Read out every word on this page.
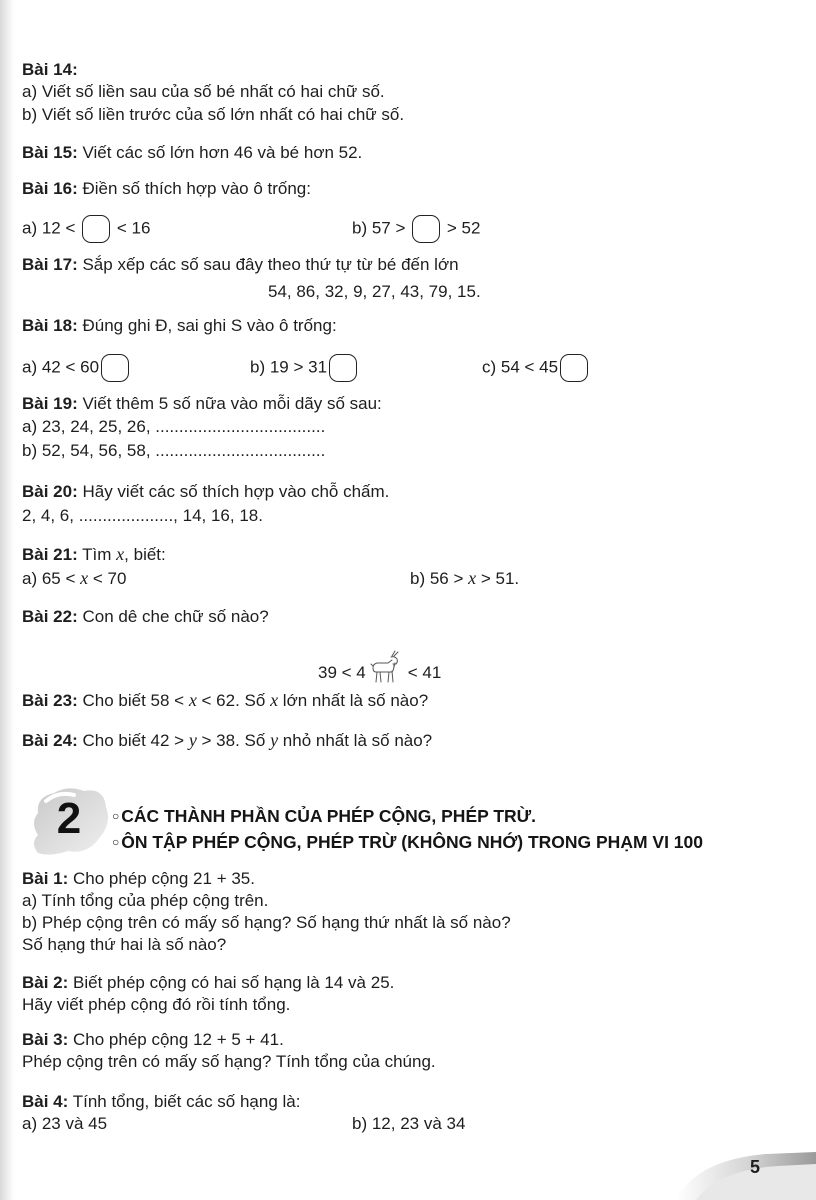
Bài 14:
a) Viết số liền sau của số bé nhất có hai chữ số.
b) Viết số liền trước của số lớn nhất có hai chữ số.
Bài 15: Viết các số lớn hơn 46 và bé hơn 52.
Bài 16: Điền số thích hợp vào ô trống:
a) 12 < < 16	b) 57 > > 52
Bài 17: Sắp xếp các số sau đây theo thứ tự từ bé đến lớn
54, 86, 32, 9, 27, 43, 79, 15.
Bài 18: Đúng ghi Đ, sai ghi S vào ô trống:
a) 42 < 60	b) 19 > 31	c) 54 < 45
Bài 19: Viết thêm 5 số nữa vào mỗi dãy số sau:
a) 23, 24, 25, 26, ....................................
b) 52, 54, 56, 58, ....................................
Bài 20: Hãy viết các số thích hợp vào chỗ chấm.
2, 4, 6, ...................., 14, 16, 18.
Bài 21: Tìm x, biết:
a) 65 < x < 70	b) 56 > x > 51.
Bài 22: Con dê che chữ số nào?
39 < 4 < 41
Bài 23: Cho biết 58 < x < 62. Số x lớn nhất là số nào?
Bài 24: Cho biết 42 > y > 38. Số y nhỏ nhất là số nào?
2	○ CÁC THÀNH PHẦN CỦA PHÉP CỘNG, PHÉP TRỪ.
○ ÔN TẬP PHÉP CỘNG, PHÉP TRỪ (KHÔNG NHỚ) TRONG PHẠM VI 100
Bài 1: Cho phép cộng 21 + 35.
a) Tính tổng của phép cộng trên.
b) Phép cộng trên có mấy số hạng? Số hạng thứ nhất là số nào?
Số hạng thứ hai là số nào?
Bài 2: Biết phép cộng có hai số hạng là 14 và 25.
Hãy viết phép cộng đó rồi tính tổng.
Bài 3: Cho phép cộng 12 + 5 + 41.
Phép cộng trên có mấy số hạng? Tính tổng của chúng.
Bài 4: Tính tổng, biết các số hạng là:
a) 23 và 45	b) 12, 23 và 34
5
